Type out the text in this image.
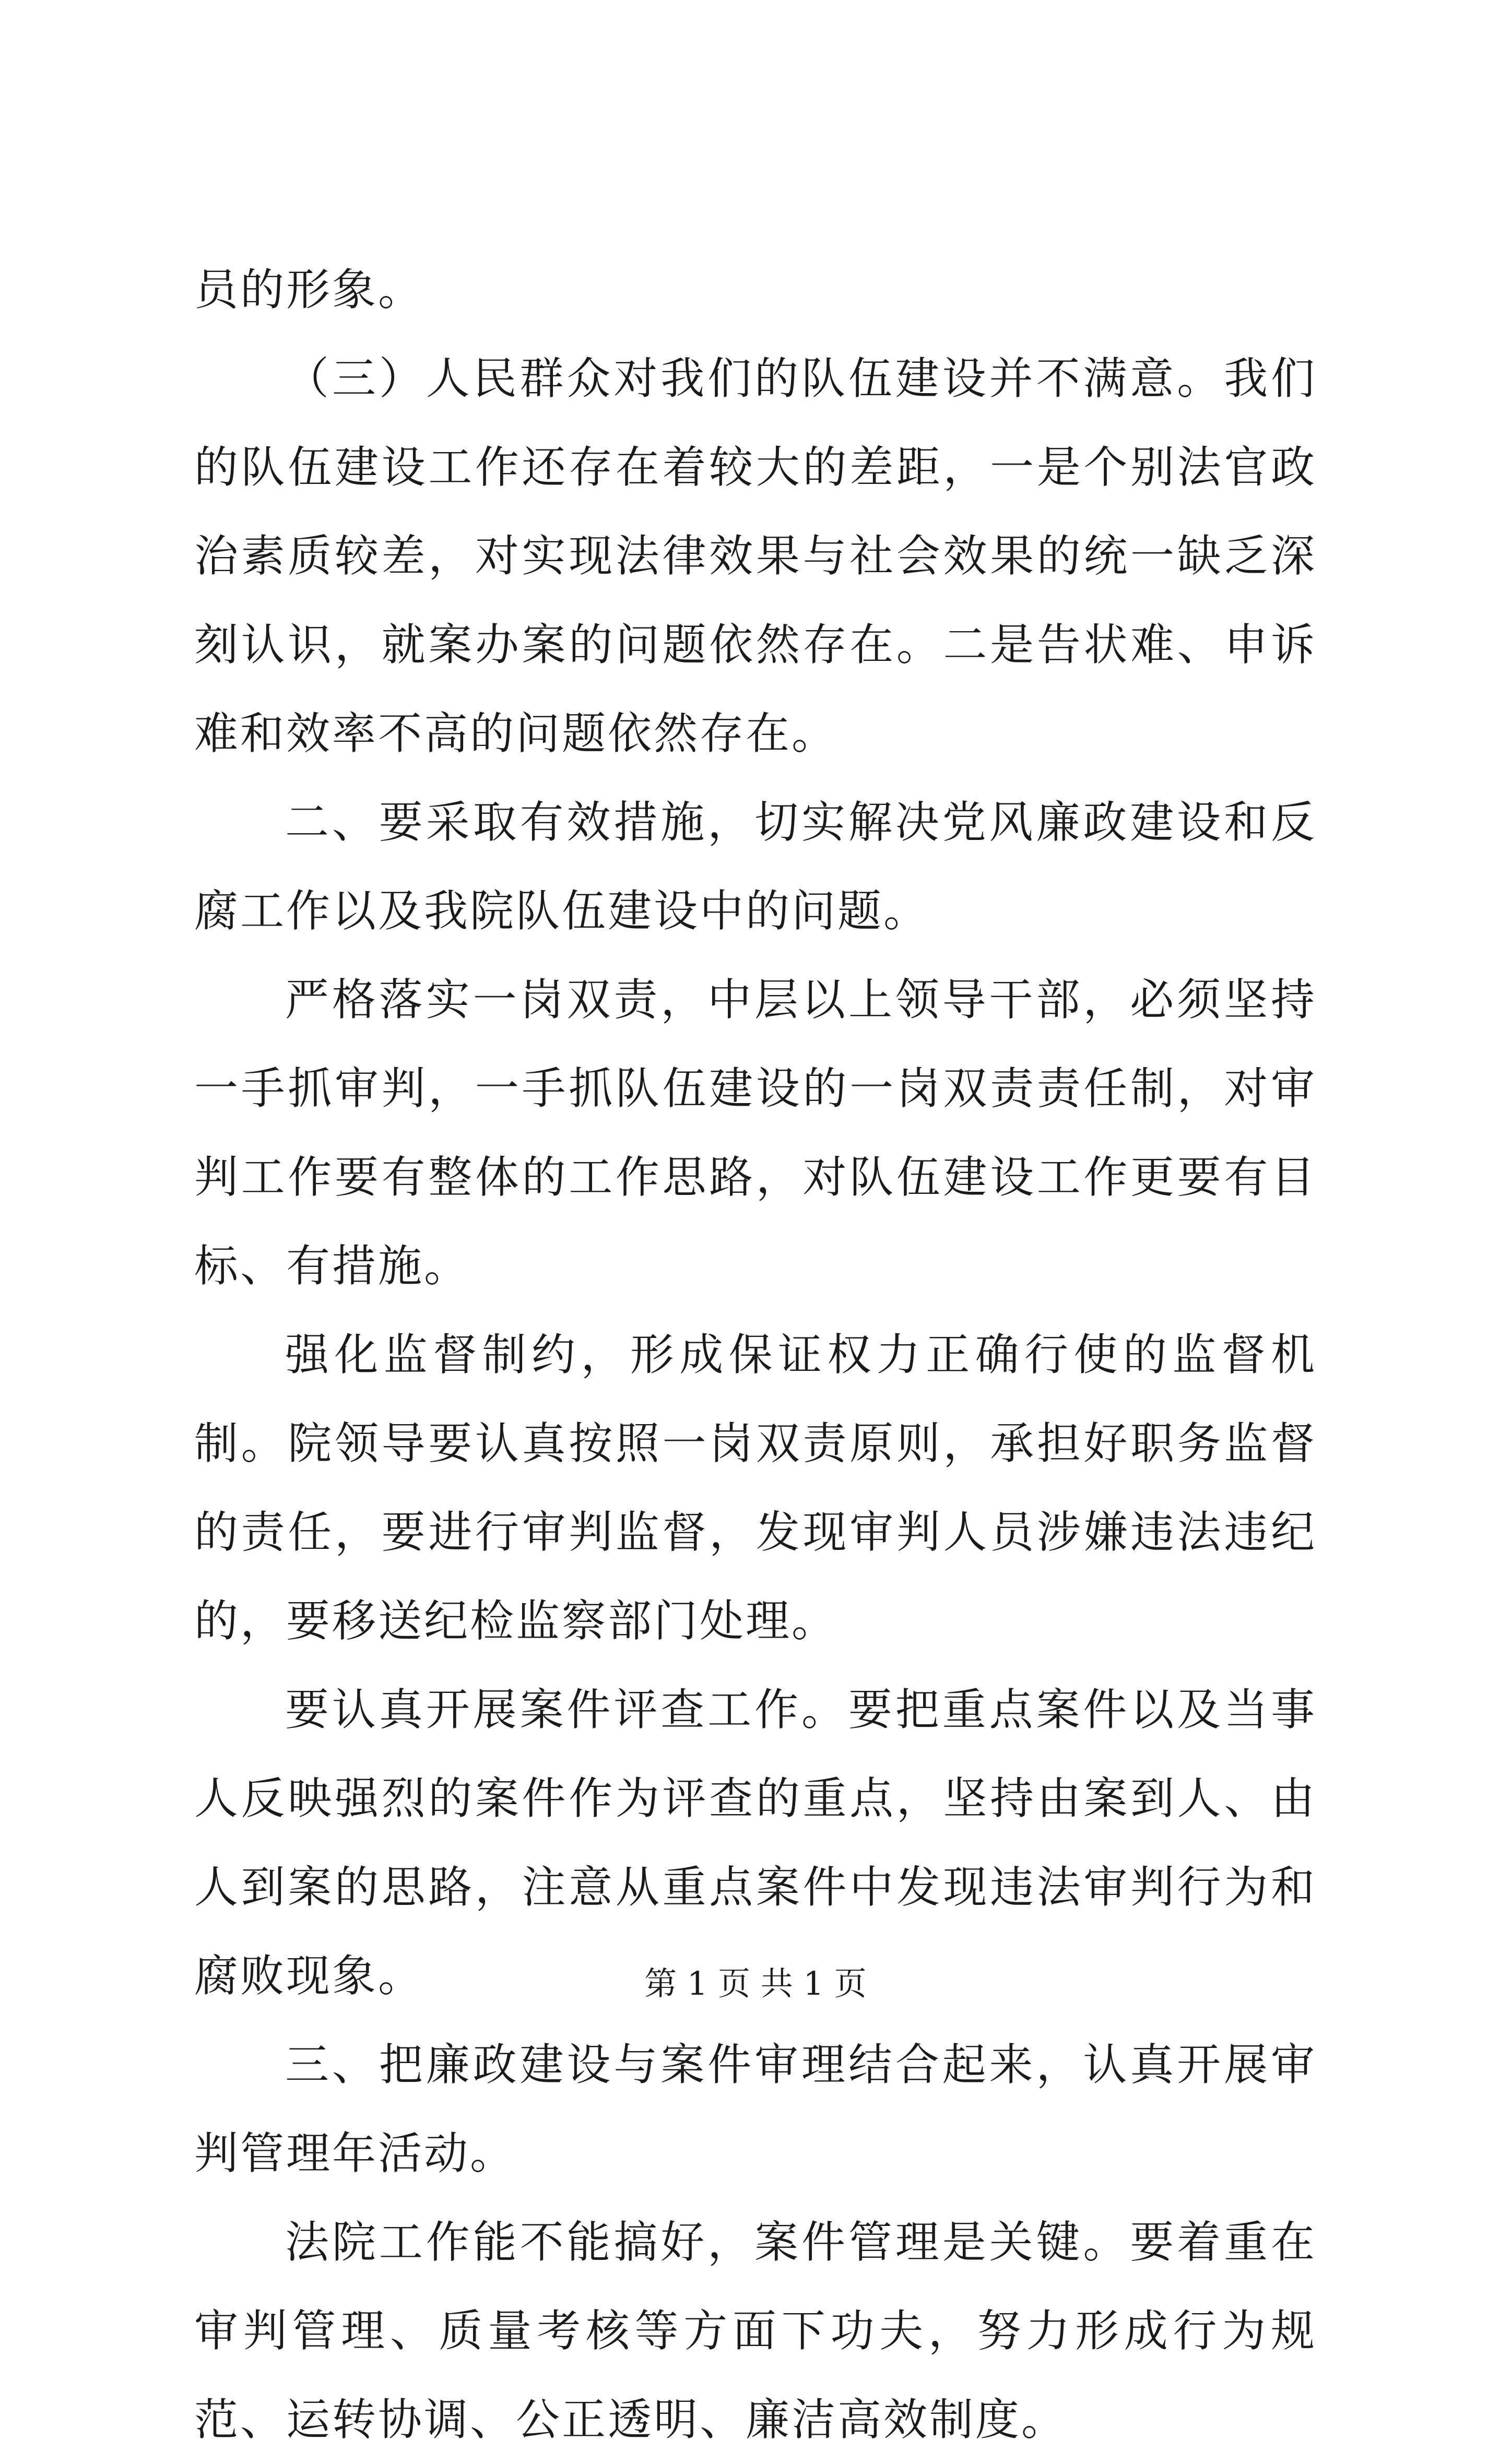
员的形象。

（三）人民群众对我们的队伍建设并不满意。我们的队伍建设工作还存在着较大的差距，一是个别法官政治素质较差，对实现法律效果与社会效果的统一缺乏深刻认识，就案办案的问题依然存在。二是告状难、申诉难和效率不高的问题依然存在。

二、要采取有效措施，切实解决党风廉政建设和反腐工作以及我院队伍建设中的问题。

严格落实一岗双责，中层以上领导干部，必须坚持一手抓审判，一手抓队伍建设的一岗双责责任制，对审判工作要有整体的工作思路，对队伍建设工作更要有目标、有措施。

强化监督制约，形成保证权力正确行使的监督机制。院领导要认真按照一岗双责原则，承担好职务监督的责任，要进行审判监督，发现审判人员涉嫌违法违纪的，要移送纪检监察部门处理。

要认真开展案件评查工作。要把重点案件以及当事人反映强烈的案件作为评查的重点，坚持由案到人、由人到案的思路，注意从重点案件中发现违法审判行为和腐败现象。

三、把廉政建设与案件审理结合起来，认真开展审判管理年活动。

法院工作能不能搞好，案件管理是关键。要着重在审判管理、质量考核等方面下功夫，努力形成行为规范、运转协调、公正透明、廉洁高效制度。

第 1 页 共 1 页
